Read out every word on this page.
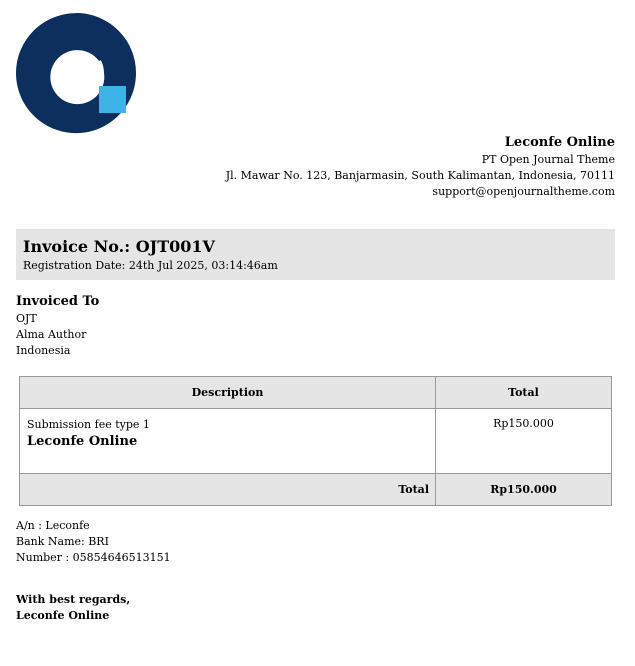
Leconfe Online
PT Open Journal Theme
Jl. Mawar No. 123, Banjarmasin, South Kalimantan, Indonesia, 70111
support@openjournaltheme.com
Invoice No.: OJT001V
Registration Date: 24th Jul 2025, 03:14:46am
Invoiced To
OJT
Alma Author
Indonesia
Description	Total

Submission fee type 1
Leconfe Online	Rp150.000
Total	Rp150.000
A/n : Leconfe
Bank Name: BRI
Number : 05854646513151
With best regards,
Leconfe Online
